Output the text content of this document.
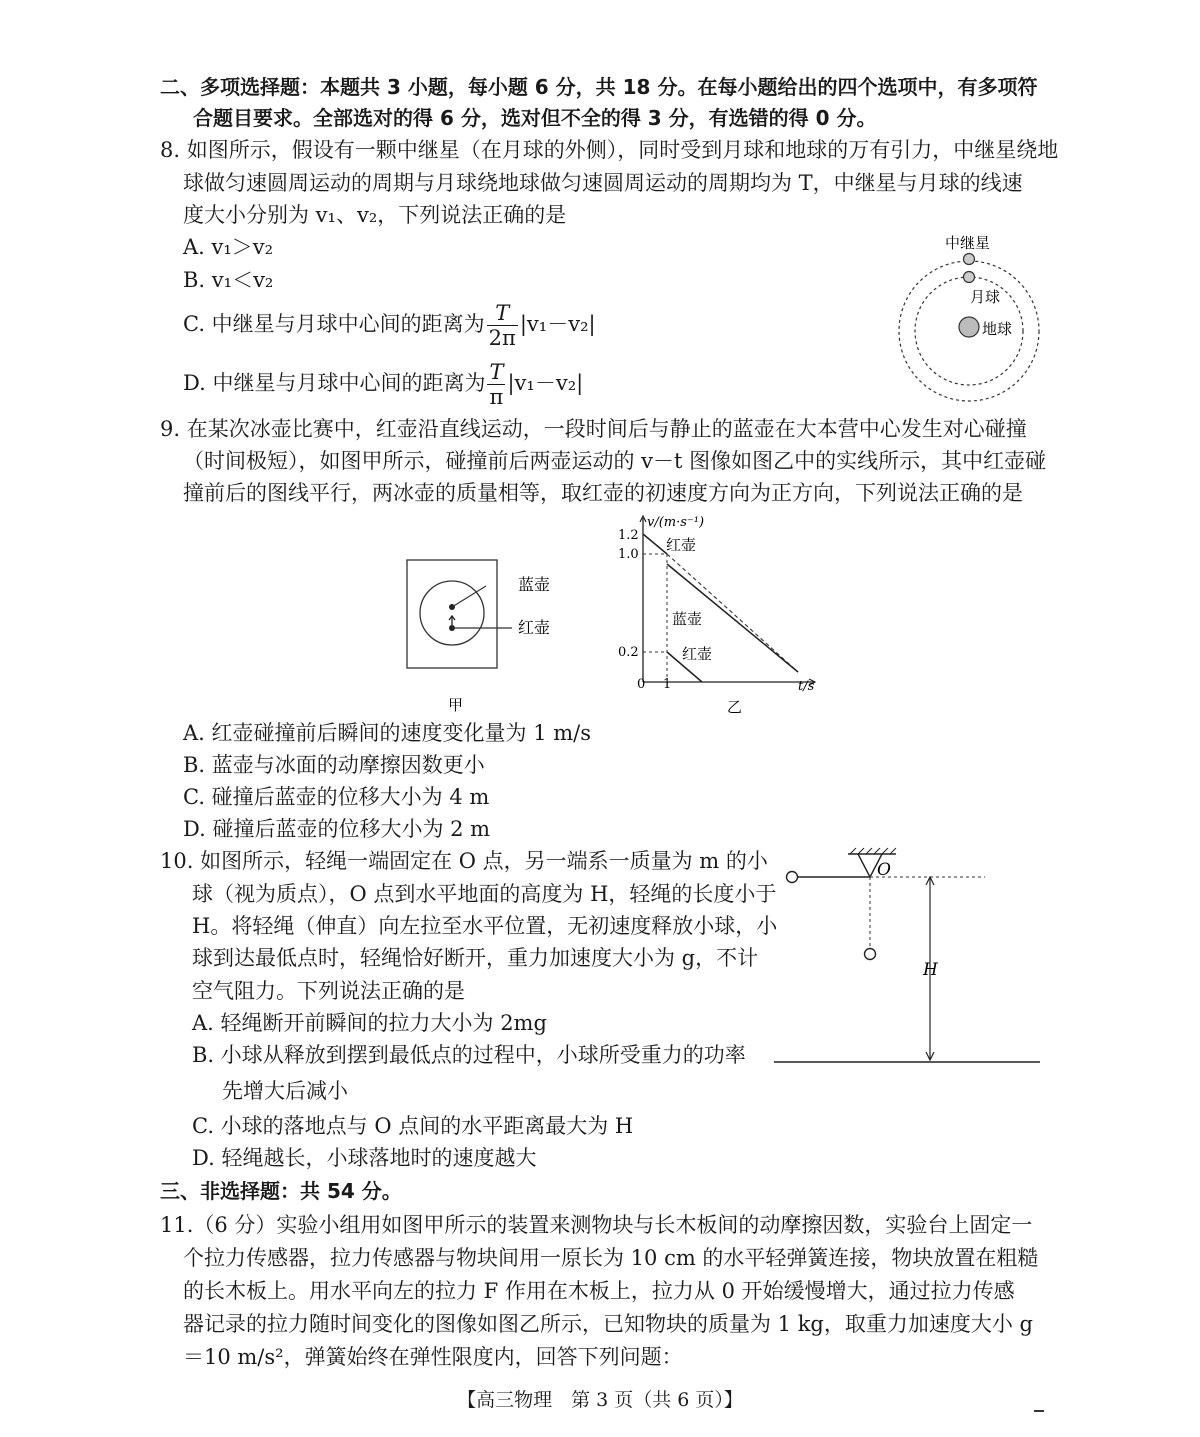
二、多项选择题：本题共 3 小题，每小题 6 分，共 18 分。在每小题给出的四个选项中，有多项符
合题目要求。全部选对的得 6 分，选对但不全的得 3 分，有选错的得 0 分。
8. 如图所示，假设有一颗中继星（在月球的外侧），同时受到月球和地球的万有引力，中继星绕地
球做匀速圆周运动的周期与月球绕地球做匀速圆周运动的周期均为 T，中继星与月球的线速
度大小分别为 v₁、v₂，下列说法正确的是
A. v₁＞v₂
B. v₁＜v₂
C. 中继星与月球中心间的距离为 $\frac{T}{2\pi} |v_1-v_2|$
D. 中继星与月球中心间的距离为 $\frac{T}{\pi} |v_1-v_2|$
中继星
月球
地球
9. 在某次冰壶比赛中，红壶沿直线运动，一段时间后与静止的蓝壶在大本营中心发生对心碰撞
（时间极短），如图甲所示，碰撞前后两壶运动的 v－t 图像如图乙中的实线所示，其中红壶碰
撞前后的图线平行，两冰壶的质量相等，取红壶的初速度方向为正方向，下列说法正确的是
蓝壶
红壶
甲
v/(m·s⁻¹)
t/s
1.2
1.0
0.2
0 1
红壶
蓝壶
红壶
乙
A. 红壶碰撞前后瞬间的速度变化量为 1 m/s
B. 蓝壶与冰面的动摩擦因数更小
C. 碰撞后蓝壶的位移大小为 4 m
D. 碰撞后蓝壶的位移大小为 2 m
10. 如图所示，轻绳一端固定在 O 点，另一端系一质量为 m 的小
球（视为质点），O 点到水平地面的高度为 H，轻绳的长度小于
H。将轻绳（伸直）向左拉至水平位置，无初速度释放小球，小
球到达最低点时，轻绳恰好断开，重力加速度大小为 g，不计
空气阻力。下列说法正确的是
A. 轻绳断开前瞬间的拉力大小为 2mg
B. 小球从释放到摆到最低点的过程中，小球所受重力的功率
先增大后减小
C. 小球的落地点与 O 点间的水平距离最大为 H
D. 轻绳越长，小球落地时的速度越大
O
H
三、非选择题：共 54 分。
11.（6 分）实验小组用如图甲所示的装置来测物块与长木板间的动摩擦因数，实验台上固定一
个拉力传感器，拉力传感器与物块间用一原长为 10 cm 的水平轻弹簧连接，物块放置在粗糙
的长木板上。用水平向左的拉力 F 作用在木板上，拉力从 0 开始缓慢增大，通过拉力传感
器记录的拉力随时间变化的图像如图乙所示，已知物块的质量为 1 kg，取重力加速度大小 g
＝10 m/s²，弹簧始终在弹性限度内，回答下列问题：
【高三物理　第 3 页（共 6 页）】
